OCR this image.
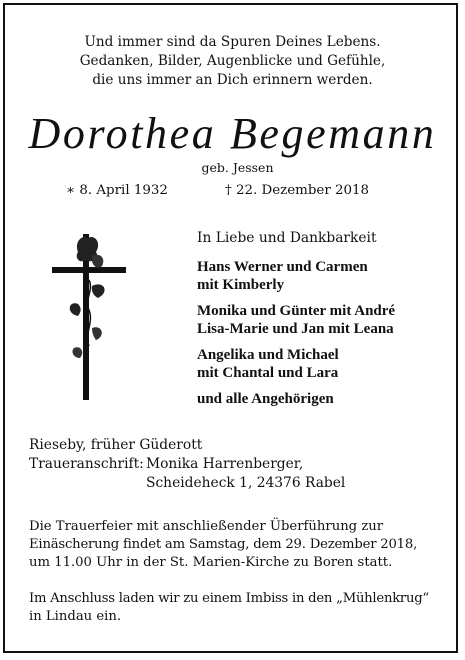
Und immer sind da Spuren Deines Lebens.
Gedanken, Bilder, Augenblicke und Gefühle,
die uns immer an Dich erinnern werden.
Dorothea Begemann
geb. Jessen
∗ 8. April 1932	† 22. Dezember 2018
In Liebe und Dankbarkeit
Hans Werner und Carmen
mit Kimberly
Monika und Günter mit André
Lisa-Marie und Jan mit Leana
Angelika und Michael
mit Chantal und Lara
und alle Angehörigen
Rieseby, früher Güderott
Traueranschrift: Monika Harrenberger,
Scheideheck 1, 24376 Rabel
Die Trauerfeier mit anschließender Überführung zur
Einäscherung findet am Samstag, dem 29. Dezember 2018,
um 11.00 Uhr in der St. Marien-Kirche zu Boren statt.
Im Anschluss laden wir zu einem Imbiss in den „Mühlenkrug“
in Lindau ein.
